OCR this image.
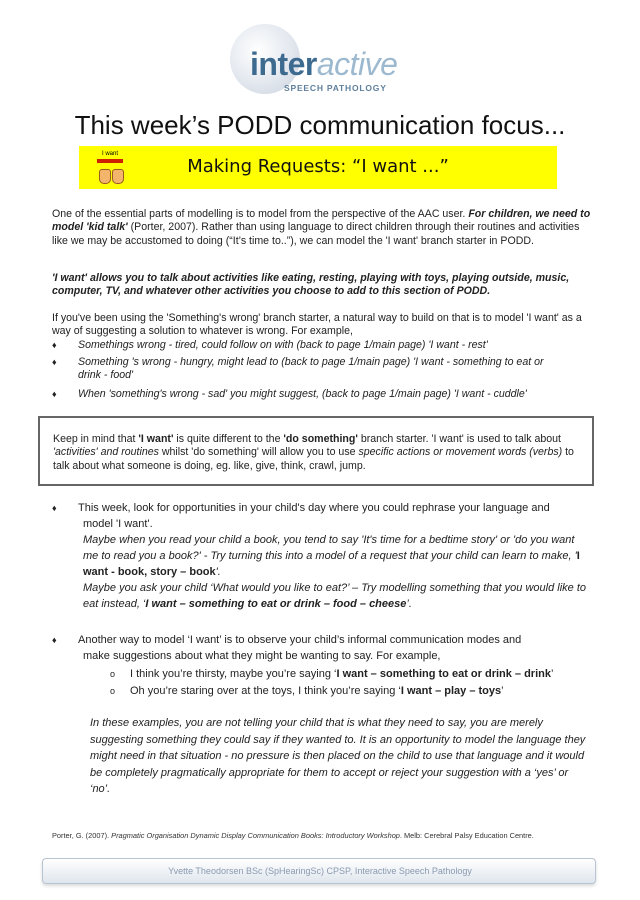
interactive
SPEECH PATHOLOGY
This week’s PODD communication focus...
I want
Making Requests: “I want ...”

One of the essential parts of modelling is to model from the perspective of the AAC user. For children, we need to model 'kid talk' (Porter, 2007). Rather than using language to direct children through their routines and activities like we may be accustomed to doing (“It’s time to..”), we can model the 'I want' branch starter in PODD.

'I want' allows you to talk about activities like eating, resting, playing with toys, playing outside, music, computer, TV, and whatever other activities you choose to add to this section of PODD.

If you've been using the 'Something's wrong' branch starter, a natural way to build on that is to model 'I want' as a way of suggesting a solution to whatever is wrong. For example,

♦	Somethings wrong - tired, could follow on with (back to page 1/main page) 'I want - rest'
♦	Something 's wrong - hungry, might lead to (back to page 1/main page) 'I want - something to eat or drink - food'
♦	When 'something's wrong - sad' you might suggest, (back to page 1/main page) 'I want - cuddle'
Keep in mind that 'I want' is quite different to the 'do something' branch starter. 'I want' is used to talk about 'activities' and routines whilst 'do something' will allow you to use specific actions or movement words (verbs) to talk about what someone is doing, eg. like, give, think, crawl, jump.
♦	This week, look for opportunities in your child's day where you could rephrase your language and
model 'I want'.
Maybe when you read your child a book, you tend to say 'It's time for a bedtime story' or 'do you want me to read you a book?' - Try turning this into a model of a request that your child can learn to make, 'I want - book, story – book'.
Maybe you ask your child ‘What would you like to eat?’ – Try modelling something that you would like to eat instead, ‘I want – something to eat or drink – food – cheese’.
♦	Another way to model ‘I want’ is to observe your child’s informal communication modes and
make suggestions about what they might be wanting to say. For example,
o	I think you’re thirsty, maybe you’re saying ‘I want – something to eat or drink – drink’
o	Oh you’re staring over at the toys, I think you’re saying ‘I want – play – toys’
In these examples, you are not telling your child that is what they need to say, you are merely suggesting something they could say if they wanted to. It is an opportunity to model the language they might need in that situation - no pressure is then placed on the child to use that language and it would be completely pragmatically appropriate for them to accept or reject your suggestion with a ‘yes’ or ‘no’.
Porter, G. (2007). Pragmatic Organisation Dynamic Display Communication Books: Introductory Workshop. Melb: Cerebral Palsy Education Centre.
Yvette Theodorsen BSc (SpHearingSc) CPSP, Interactive Speech Pathology
